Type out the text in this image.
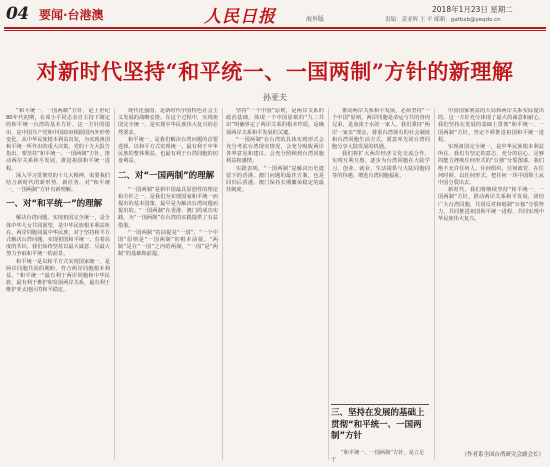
04 要闻·台港澳	人民日报	海外版
2018年1月23日 星期二
责编：姜亚辉 王 平 邮箱：gatbxb@yeqdo.cn
对新时代坚持“和平统一、一国两制”方针的新理解
孙亚夫

“和平统一、一国两制”方针，是上世纪80年代初期，在邓小平同志亲自主持下制定的和平统一台湾的基本方针。这一方针的提出，是中国共产党和中国政府根据国内外形势变化，从中华民族根本利益出发，为实现祖国和平统一所作出的重大决策。党的十九大报告指出，要坚持“和平统一、一国两制”方针，推动两岸关系和平发展，推进祖国和平统一进程。

深入学习贯彻党的十九大精神，需要我们结合新时代的新形势、新任务，对“和平统一、一国两制”方针有新理解。

一、对“和平统一”的理解

解决台湾问题、实现祖国完全统一，是全体中华儿女共同愿望，是中华民族根本利益所在。两岸同胞同属中华民族，对于坚持和平方式解决台湾问题、实现祖国和平统一，有着高度的共识。我们始终坚持以最大诚意、尽最大努力争取和平统一的前景。

和平统一是以和平方式实现国家统一，是两岸同胞共同的期盼，符合两岸同胞根本利益。“和平统一”最有利于两岸同胞和中华民族，最有利于维护和发展两岸关系，最有利于维护亚太地区的和平稳定。

现代化强国，是新时代中国特色社会主义发展的战略安排。在这个过程中，实现祖国完全统一，是实现中华民族伟大复兴的必然要求。

和平统一，是我们解决台湾问题的首要选择。以和平方式实现统一，最有利于中华民族的整体利益，也最有利于台湾同胞的切身利益。

二、对“一国两制”的理解

“一国两制”是新中国最具原创性的理论和方针之一，是我们为实现国家和平统一而提出的基本国策，最早是为解决台湾问题而提出的。“一国两制”在香港、澳门的成功实践，为“一国两制”在台湾的实践提供了有益借鉴。

“一国两制”的前提是“一国”，“一个中国”原则是“一国两制”的根本前提。“两制”是在“一国”之内的两制，“一国”是“两制”的基础和前提。

坚持“一个中国”原则，是两岸关系的政治基础。体现一个中国原则的“九二共识”明确界定了两岸关系的根本性质，是确保两岸关系和平发展的关键。

“一国两制”在台湾的具体实现形式会充分考虑台湾现实情况，会充分吸收两岸各界意见和建议，会充分照顾到台湾同胞利益和感情。

实践表明，“一国两制”是解决历史遗留下的香港、澳门问题的最佳方案，也是回归后香港、澳门保持长期繁荣稳定的最佳制度。

推动两岸关系和平发展，必须坚持“一个中国”原则。两岸同胞是命运与共的骨肉兄弟，是血浓于水的一家人。我们秉持“两岸一家亲”理念，尊重台湾现有的社会制度和台湾同胞生活方式，愿意率先同台湾同胞分享大陆发展的机遇。

我们将扩大两岸经济文化交流合作，实现互利互惠，逐步为台湾同胞在大陆学习、创业、就业、生活提供与大陆同胞同等的待遇，增进台湾同胞福祉。

中国国家利益的大局和两岸关系实际提出的。这一方针充分体现了最大的诚意和耐心。我们坚持在发展的基础上贯彻“和平统一、一国两制”方针，坚定不移推进祖国和平统一进程。

实现祖国完全统一，是中华民族根本利益所在。我们有坚定的意志、充分的信心、足够的能力挫败任何形式的“台独”分裂图谋。我们绝不允许任何人、任何组织、任何政党、在任何时候、以任何形式、把任何一块中国领土从中国分裂出去。

新时代，我们将继续坚持“和平统一、一国两制”方针，推动两岸关系和平发展，团结广大台湾同胞，共同反对和遏制“台独”分裂势力，共同推进祖国和平统一进程，共同实现中华民族伟大复兴。

三、坚持在发展的基础上贯彻“和平统一、一国两制”方针
“和平统一、一国两制”方针，是立足于
（作者系全国台湾研究会副会长）
